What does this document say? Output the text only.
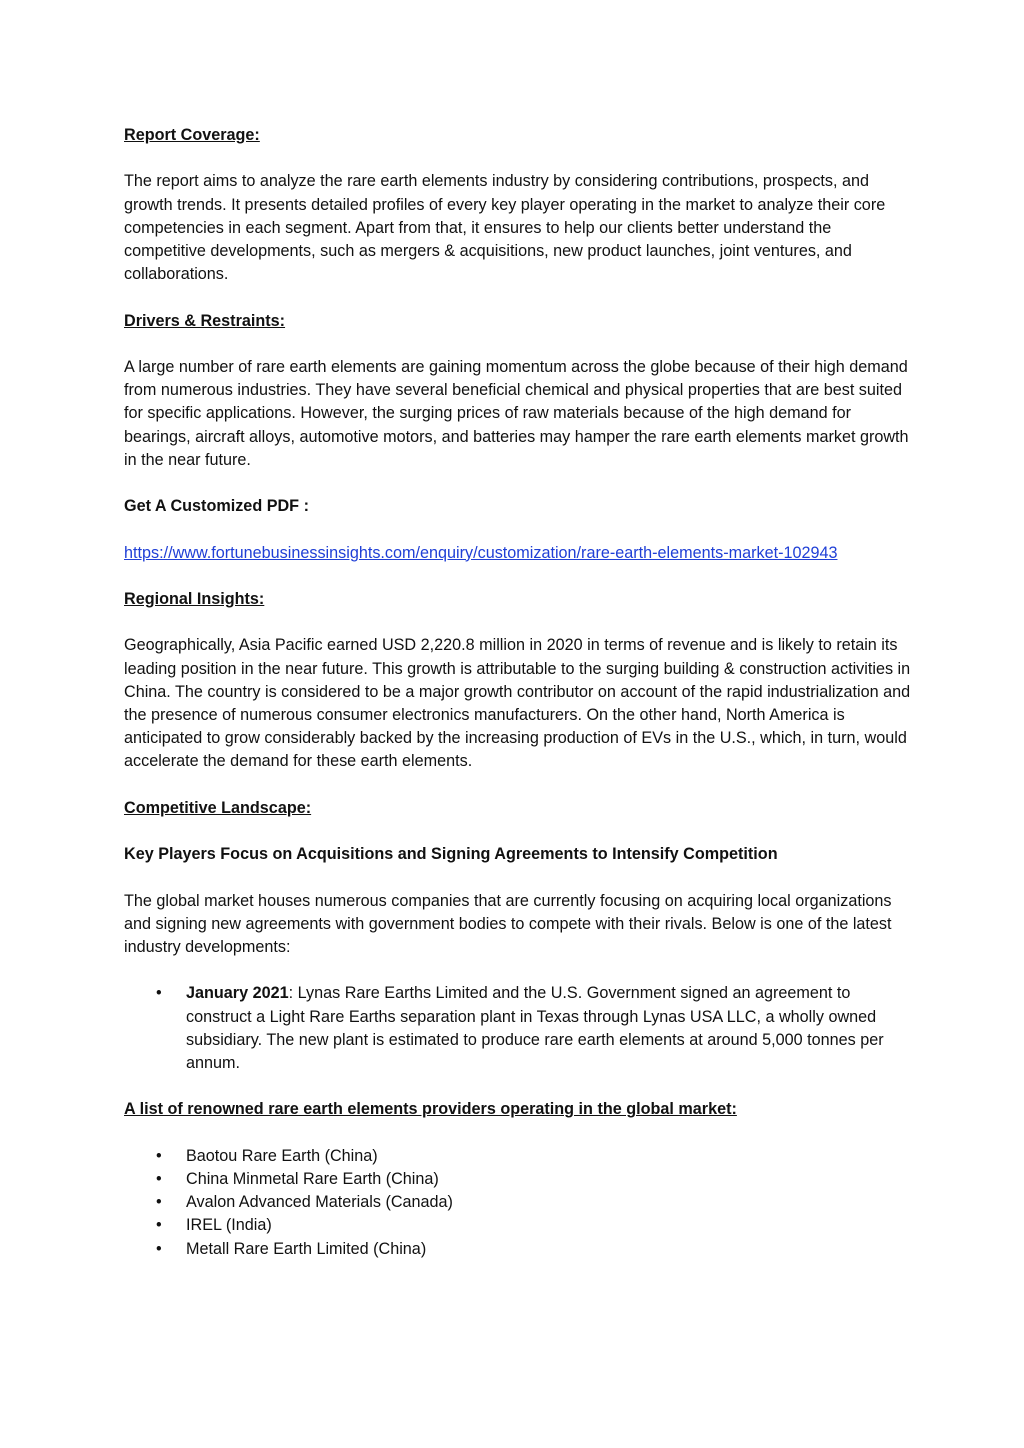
Report Coverage:

The report aims to analyze the rare earth elements industry by considering contributions, prospects, and growth trends. It presents detailed profiles of every key player operating in the market to analyze their core competencies in each segment. Apart from that, it ensures to help our clients better understand the competitive developments, such as mergers & acquisitions, new product launches, joint ventures, and collaborations.

Drivers & Restraints:

A large number of rare earth elements are gaining momentum across the globe because of their high demand from numerous industries. They have several beneficial chemical and physical properties that are best suited for specific applications. However, the surging prices of raw materials because of the high demand for bearings, aircraft alloys, automotive motors, and batteries may hamper the rare earth elements market growth in the near future.

Get A Customized PDF :

https://www.fortunebusinessinsights.com/enquiry/customization/rare-earth-elements-market-102943

Regional Insights:

Geographically, Asia Pacific earned USD 2,220.8 million in 2020 in terms of revenue and is likely to retain its leading position in the near future. This growth is attributable to the surging building & construction activities in China. The country is considered to be a major growth contributor on account of the rapid industrialization and the presence of numerous consumer electronics manufacturers. On the other hand, North America is anticipated to grow considerably backed by the increasing production of EVs in the U.S., which, in turn, would accelerate the demand for these earth elements.

Competitive Landscape:

Key Players Focus on Acquisitions and Signing Agreements to Intensify Competition

The global market houses numerous companies that are currently focusing on acquiring local organizations and signing new agreements with government bodies to compete with their rivals. Below is one of the latest industry developments:

• January 2021: Lynas Rare Earths Limited and the U.S. Government signed an agreement to construct a Light Rare Earths separation plant in Texas through Lynas USA LLC, a wholly owned subsidiary. The new plant is estimated to produce rare earth elements at around 5,000 tonnes per annum.

A list of renowned rare earth elements providers operating in the global market:

• Baotou Rare Earth (China)
• China Minmetal Rare Earth (China)
• Avalon Advanced Materials (Canada)
• IREL (India)
• Metall Rare Earth Limited (China)
